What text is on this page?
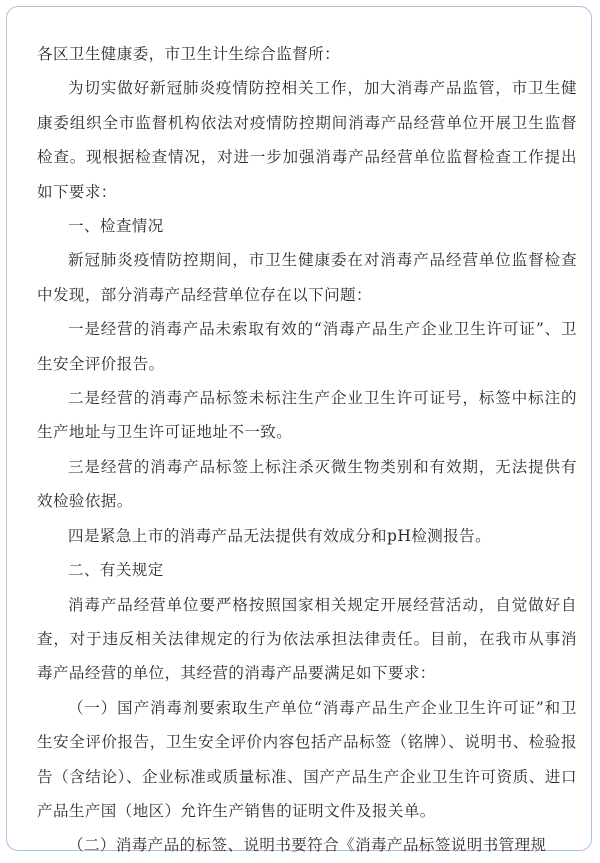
各区卫生健康委，市卫生计生综合监督所：

为切实做好新冠肺炎疫情防控相关工作，加大消毒产品监管，市卫生健康委组织全市监督机构依法对疫情防控期间消毒产品经营单位开展卫生监督检查。现根据检查情况，对进一步加强消毒产品经营单位监督检查工作提出如下要求：

一、检查情况

新冠肺炎疫情防控期间，市卫生健康委在对消毒产品经营单位监督检查中发现，部分消毒产品经营单位存在以下问题：

一是经营的消毒产品未索取有效的“消毒产品生产企业卫生许可证”、卫生安全评价报告。

二是经营的消毒产品标签未标注生产企业卫生许可证号，标签中标注的生产地址与卫生许可证地址不一致。

三是经营的消毒产品标签上标注杀灭微生物类别和有效期，无法提供有效检验依据。

四是紧急上市的消毒产品无法提供有效成分和pH检测报告。

二、有关规定

消毒产品经营单位要严格按照国家相关规定开展经营活动，自觉做好自查，对于违反相关法律规定的行为依法承担法律责任。目前，在我市从事消毒产品经营的单位，其经营的消毒产品要满足如下要求：

（一）国产消毒剂要索取生产单位“消毒产品生产企业卫生许可证”和卫生安全评价报告，卫生安全评价内容包括产品标签（铭牌）、说明书、检验报告（含结论）、企业标准或质量标准、国产产品生产企业卫生许可资质、进口产品生产国（地区）允许生产销售的证明文件及报关单。

（二）消毒产品的标签、说明书要符合《消毒产品标签说明书管理规
